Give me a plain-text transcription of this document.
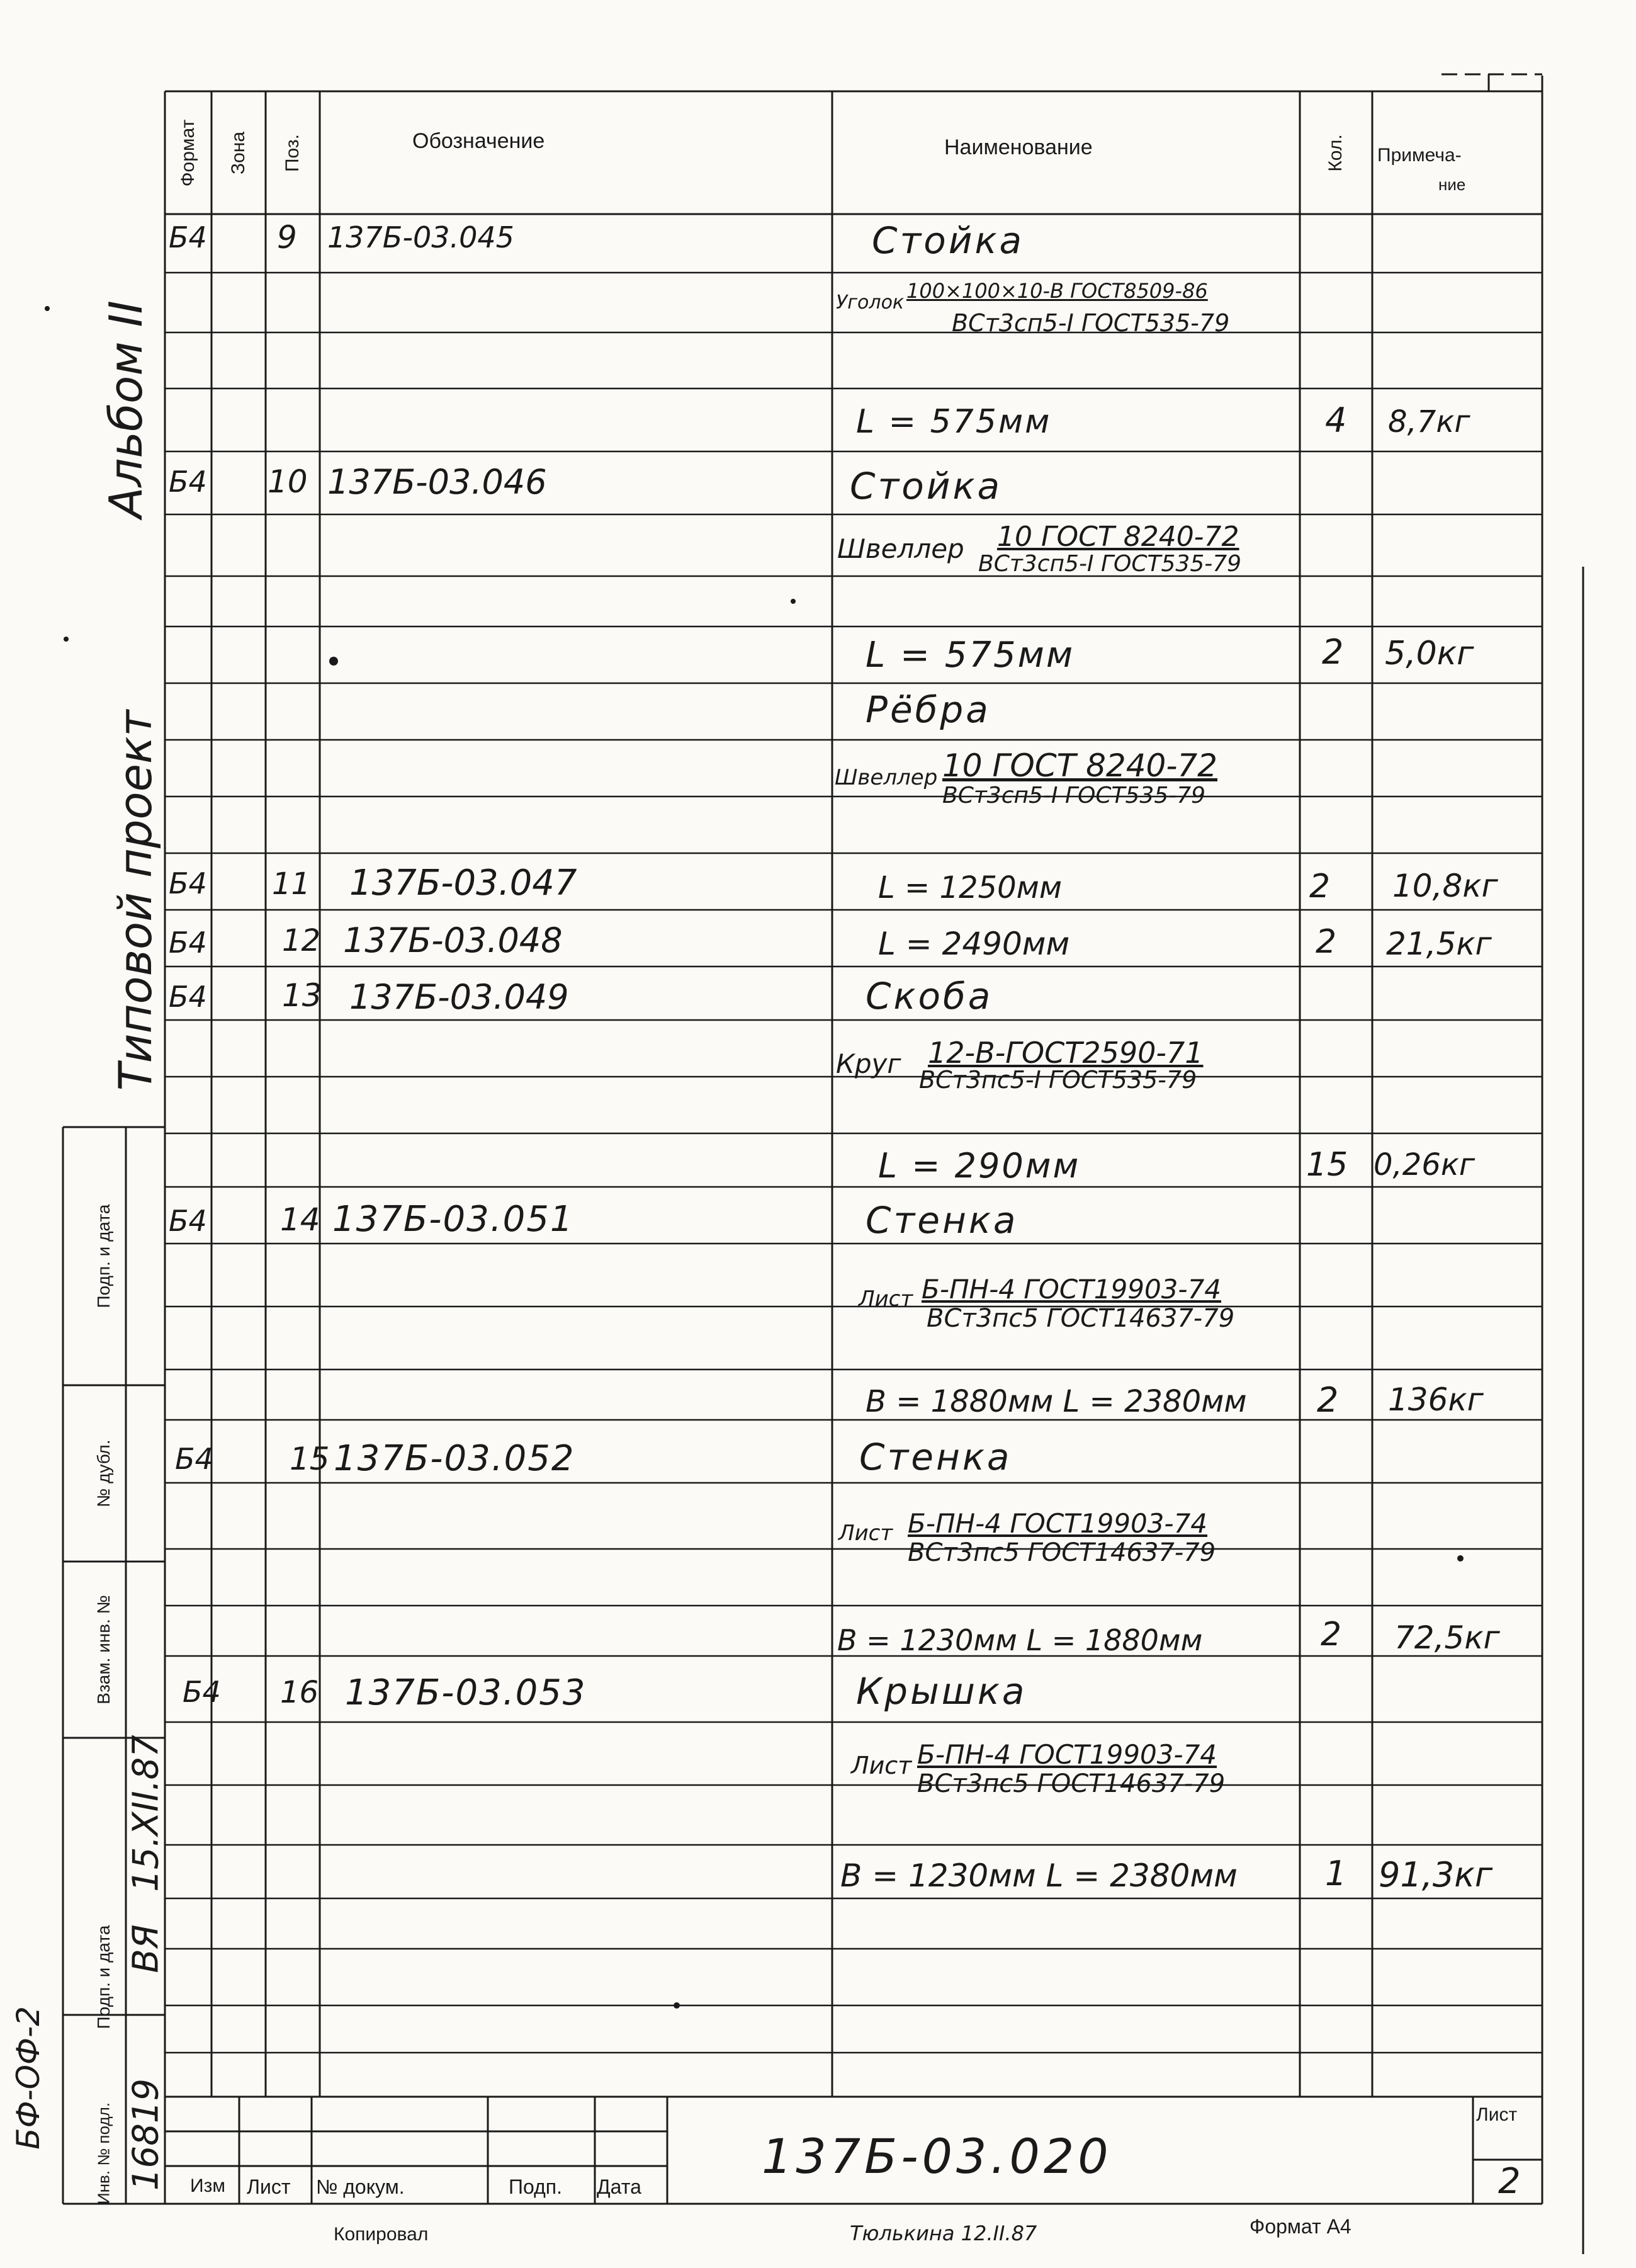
Формат Зона Поз.	Обозначение	Наименование	Кол. Примеча-
ние
Альбом II
Типовой проект
Подп. и дата
№ дубл.
Взам. инв. №
Подп. и дата
Инв. № подл.
15.XII.87
ВЯ
16819
БФ-ОФ-2
Б4 9 137Б-03.045	Стойка
Уголок 100×100×10-В ГОСТ8509-86
ВСт3сп5-I ГОСТ535-79
L = 575мм	4 8,7кг
Б4 10 137Б-03.046	Стойка
Швеллер 10 ГОСТ 8240-72
ВСт3сп5-I ГОСТ535-79
L = 575мм	2 5,0кг
Рёбра
Швеллер 10 ГОСТ 8240-72
ВСт3сп5-I ГОСТ535-79
Б4 11 137Б-03.047	L = 1250мм	2 10,8кг
Б4 12 137Б-03.048	L = 2490мм	2 21,5кг
Б4 13 137Б-03.049	Скоба
Круг 12-В-ГОСТ2590-71
ВСт3пс5-I ГОСТ535-79
L = 290мм	15 0,26кг
Б4 14 137Б-03.051	Стенка
Лист Б-ПН-4 ГОСТ19903-74
ВСт3пс5 ГОСТ14637-79
В = 1880мм L = 2380мм 2 136кг
Б4 15 137Б-03.052	Стенка
Лист Б-ПН-4 ГОСТ19903-74
ВСт3пс5 ГОСТ14637-79
В = 1230мм L = 1880мм	2 72,5кг
Б4 16 137Б-03.053	Крышка
Лист Б-ПН-4 ГОСТ19903-74
ВСт3пс5 ГОСТ14637-79
В = 1230мм L = 2380мм	1 91,3кг
137Б-03.020
Лист
2
Изм Лист № докум.	Подп. Дата
Копировал	Тюлькина 12.II.87	Формат А4
